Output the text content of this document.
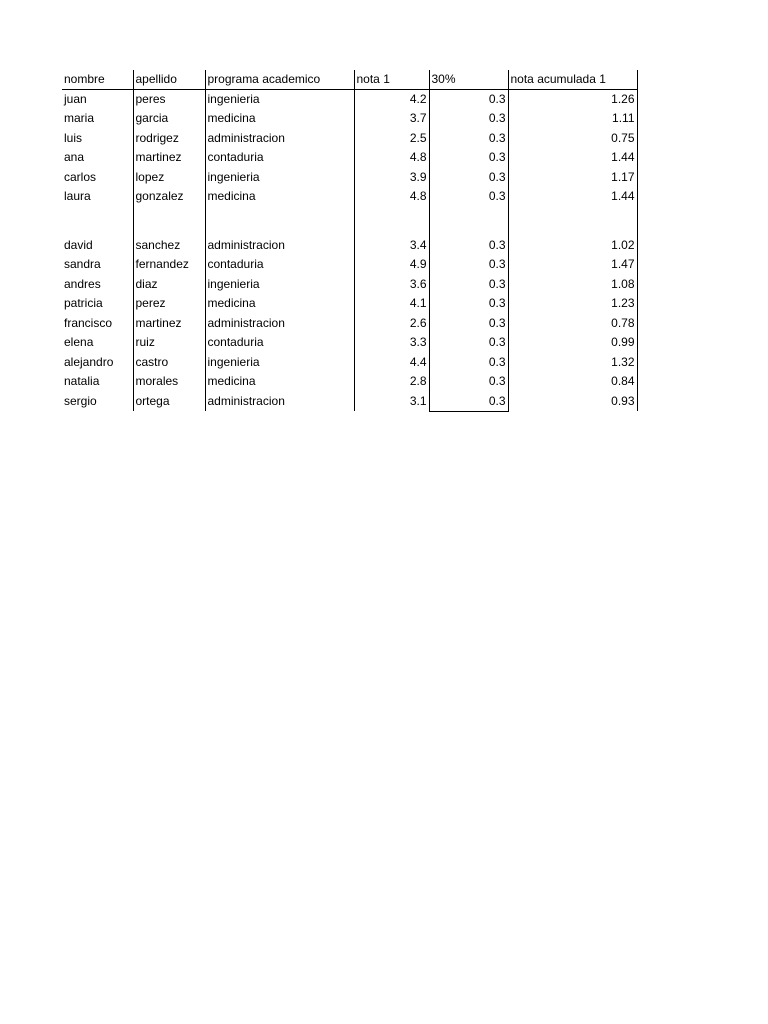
nombre	apellido	programa academico	nota 1	30%	nota acumulada 1
juan	peres	ingenieria	4.2	0.3	1.26
maria	garcia	medicina	3.7	0.3	1.11
luis	rodrigez	administracion	2.5	0.3	0.75
ana	martinez	contaduria	4.8	0.3	1.44
carlos	lopez	ingenieria	3.9	0.3	1.17
laura	gonzalez	medicina	4.8	0.3	1.44

david	sanchez	administracion	3.4	0.3	1.02
sandra	fernandez	contaduria	4.9	0.3	1.47
andres	diaz	ingenieria	3.6	0.3	1.08
patricia	perez	medicina	4.1	0.3	1.23
francisco	martinez	administracion	2.6	0.3	0.78
elena	ruiz	contaduria	3.3	0.3	0.99
alejandro	castro	ingenieria	4.4	0.3	1.32
natalia	morales	medicina	2.8	0.3	0.84
sergio	ortega	administracion	3.1	0.3	0.93
